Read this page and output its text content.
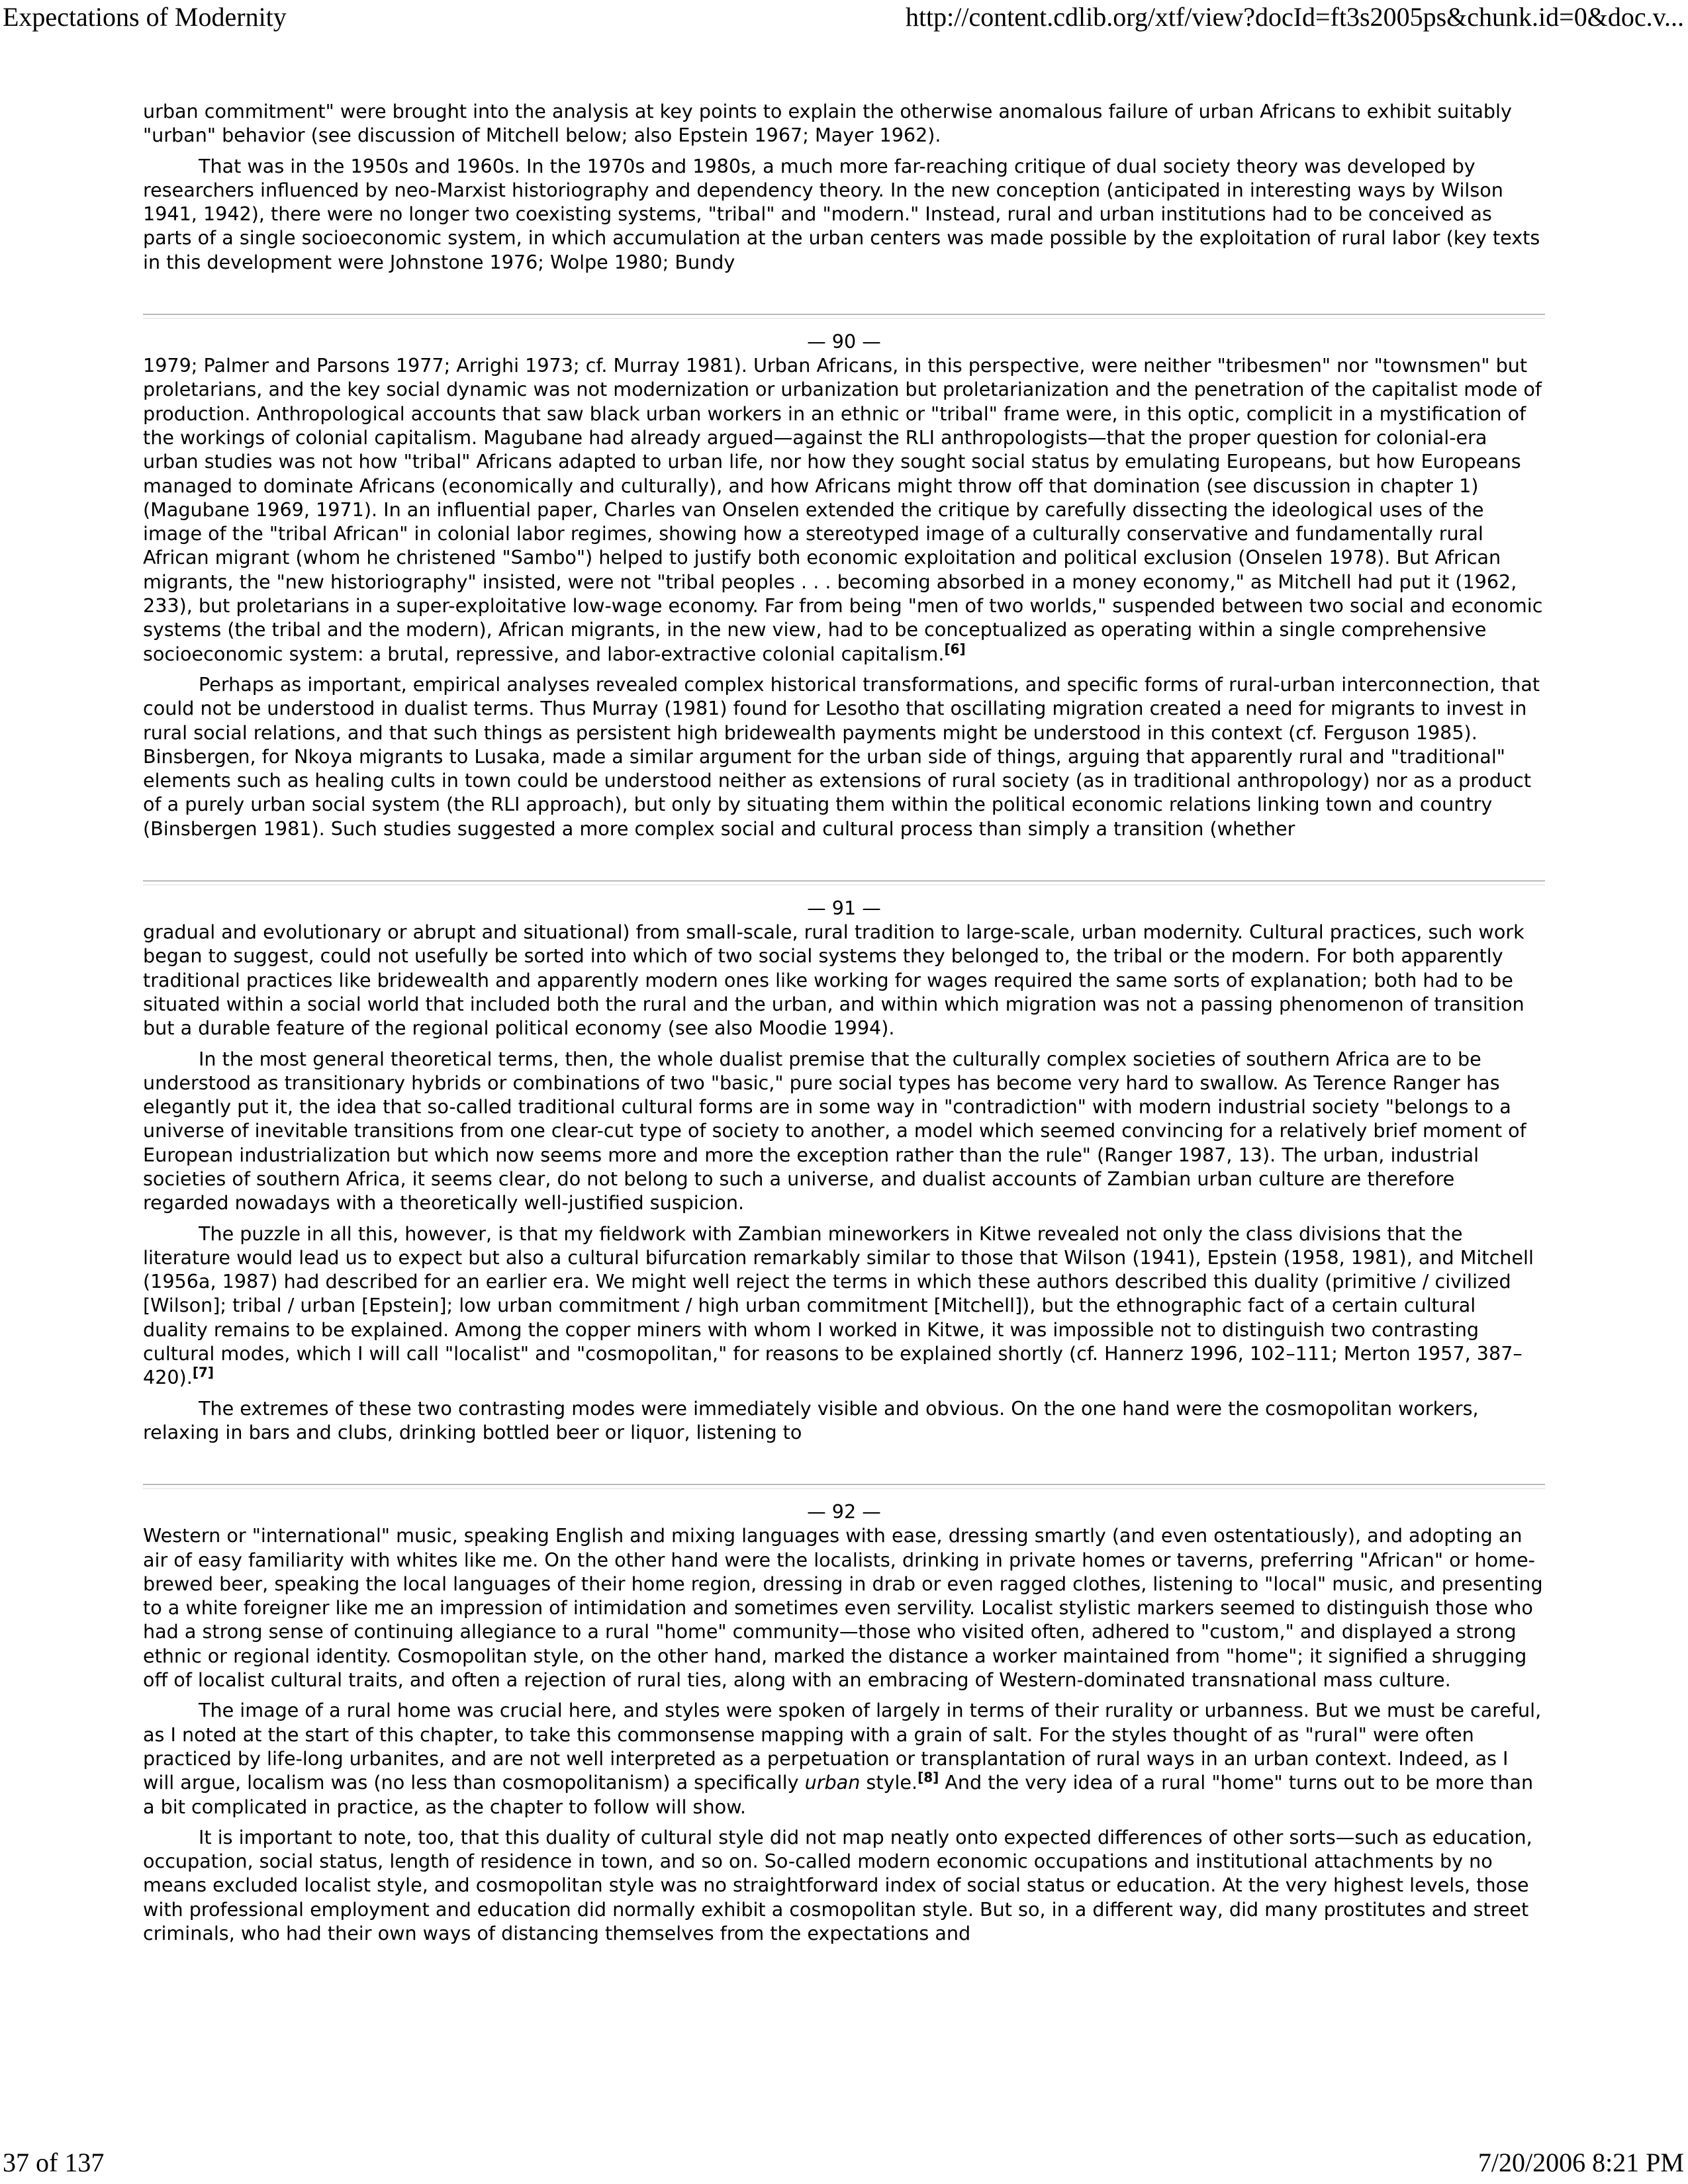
Expectations of Modernity	http://content.cdlib.org/xtf/view?docId=ft3s2005ps&chunk.id=0&doc.v...

urban commitment" were brought into the analysis at key points to explain the otherwise anomalous failure of urban Africans to exhibit suitably "urban" behavior (see discussion of Mitchell below; also Epstein 1967; Mayer 1962).

That was in the 1950s and 1960s. In the 1970s and 1980s, a much more far-reaching critique of dual society theory was developed by researchers influenced by neo-Marxist historiography and dependency theory. In the new conception (anticipated in interesting ways by Wilson 1941, 1942), there were no longer two coexisting systems, "tribal" and "modern." Instead, rural and urban institutions had to be conceived as parts of a single socioeconomic system, in which accumulation at the urban centers was made possible by the exploitation of rural labor (key texts in this development were Johnstone 1976; Wolpe 1980; Bundy

— 90 —

1979; Palmer and Parsons 1977; Arrighi 1973; cf. Murray 1981). Urban Africans, in this perspective, were neither "tribesmen" nor "townsmen" but proletarians, and the key social dynamic was not modernization or urbanization but proletarianization and the penetration of the capitalist mode of production. Anthropological accounts that saw black urban workers in an ethnic or "tribal" frame were, in this optic, complicit in a mystification of the workings of colonial capitalism. Magubane had already argued—against the RLI anthropologists—that the proper question for colonial-era urban studies was not how "tribal" Africans adapted to urban life, nor how they sought social status by emulating Europeans, but how Europeans managed to dominate Africans (economically and culturally), and how Africans might throw off that domination (see discussion in chapter 1) (Magubane 1969, 1971). In an influential paper, Charles van Onselen extended the critique by carefully dissecting the ideological uses of the image of the "tribal African" in colonial labor regimes, showing how a stereotyped image of a culturally conservative and fundamentally rural African migrant (whom he christened "Sambo") helped to justify both economic exploitation and political exclusion (Onselen 1978). But African migrants, the "new historiography" insisted, were not "tribal peoples . . . becoming absorbed in a money economy," as Mitchell had put it (1962, 233), but proletarians in a super-exploitative low-wage economy. Far from being "men of two worlds," suspended between two social and economic systems (the tribal and the modern), African migrants, in the new view, had to be conceptualized as operating within a single comprehensive socioeconomic system: a brutal, repressive, and labor-extractive colonial capitalism.[6]

Perhaps as important, empirical analyses revealed complex historical transformations, and specific forms of rural-urban interconnection, that could not be understood in dualist terms. Thus Murray (1981) found for Lesotho that oscillating migration created a need for migrants to invest in rural social relations, and that such things as persistent high bridewealth payments might be understood in this context (cf. Ferguson 1985). Binsbergen, for Nkoya migrants to Lusaka, made a similar argument for the urban side of things, arguing that apparently rural and "traditional" elements such as healing cults in town could be understood neither as extensions of rural society (as in traditional anthropology) nor as a product of a purely urban social system (the RLI approach), but only by situating them within the political economic relations linking town and country (Binsbergen 1981). Such studies suggested a more complex social and cultural process than simply a transition (whether

— 91 —

gradual and evolutionary or abrupt and situational) from small-scale, rural tradition to large-scale, urban modernity. Cultural practices, such work began to suggest, could not usefully be sorted into which of two social systems they belonged to, the tribal or the modern. For both apparently traditional practices like bridewealth and apparently modern ones like working for wages required the same sorts of explanation; both had to be situated within a social world that included both the rural and the urban, and within which migration was not a passing phenomenon of transition but a durable feature of the regional political economy (see also Moodie 1994).

In the most general theoretical terms, then, the whole dualist premise that the culturally complex societies of southern Africa are to be understood as transitionary hybrids or combinations of two "basic," pure social types has become very hard to swallow. As Terence Ranger has elegantly put it, the idea that so-called traditional cultural forms are in some way in "contradiction" with modern industrial society "belongs to a universe of inevitable transitions from one clear-cut type of society to another, a model which seemed convincing for a relatively brief moment of European industrialization but which now seems more and more the exception rather than the rule" (Ranger 1987, 13). The urban, industrial societies of southern Africa, it seems clear, do not belong to such a universe, and dualist accounts of Zambian urban culture are therefore regarded nowadays with a theoretically well-justified suspicion.

The puzzle in all this, however, is that my fieldwork with Zambian mineworkers in Kitwe revealed not only the class divisions that the literature would lead us to expect but also a cultural bifurcation remarkably similar to those that Wilson (1941), Epstein (1958, 1981), and Mitchell (1956a, 1987) had described for an earlier era. We might well reject the terms in which these authors described this duality (primitive / civilized [Wilson]; tribal / urban [Epstein]; low urban commitment / high urban commitment [Mitchell]), but the ethnographic fact of a certain cultural duality remains to be explained. Among the copper miners with whom I worked in Kitwe, it was impossible not to distinguish two contrasting cultural modes, which I will call "localist" and "cosmopolitan," for reasons to be explained shortly (cf. Hannerz 1996, 102–111; Merton 1957, 387–420).[7]

The extremes of these two contrasting modes were immediately visible and obvious. On the one hand were the cosmopolitan workers, relaxing in bars and clubs, drinking bottled beer or liquor, listening to

— 92 —

Western or "international" music, speaking English and mixing languages with ease, dressing smartly (and even ostentatiously), and adopting an air of easy familiarity with whites like me. On the other hand were the localists, drinking in private homes or taverns, preferring "African" or home-brewed beer, speaking the local languages of their home region, dressing in drab or even ragged clothes, listening to "local" music, and presenting to a white foreigner like me an impression of intimidation and sometimes even servility. Localist stylistic markers seemed to distinguish those who had a strong sense of continuing allegiance to a rural "home" community—those who visited often, adhered to "custom," and displayed a strong ethnic or regional identity. Cosmopolitan style, on the other hand, marked the distance a worker maintained from "home"; it signified a shrugging off of localist cultural traits, and often a rejection of rural ties, along with an embracing of Western-dominated transnational mass culture.

The image of a rural home was crucial here, and styles were spoken of largely in terms of their rurality or urbanness. But we must be careful, as I noted at the start of this chapter, to take this commonsense mapping with a grain of salt. For the styles thought of as "rural" were often practiced by life-long urbanites, and are not well interpreted as a perpetuation or transplantation of rural ways in an urban context. Indeed, as I will argue, localism was (no less than cosmopolitanism) a specifically urban style.[8] And the very idea of a rural "home" turns out to be more than a bit complicated in practice, as the chapter to follow will show.

It is important to note, too, that this duality of cultural style did not map neatly onto expected differences of other sorts—such as education, occupation, social status, length of residence in town, and so on. So-called modern economic occupations and institutional attachments by no means excluded localist style, and cosmopolitan style was no straightforward index of social status or education. At the very highest levels, those with professional employment and education did normally exhibit a cosmopolitan style. But so, in a different way, did many prostitutes and street criminals, who had their own ways of distancing themselves from the expectations and

37 of 137	7/20/2006 8:21 PM
